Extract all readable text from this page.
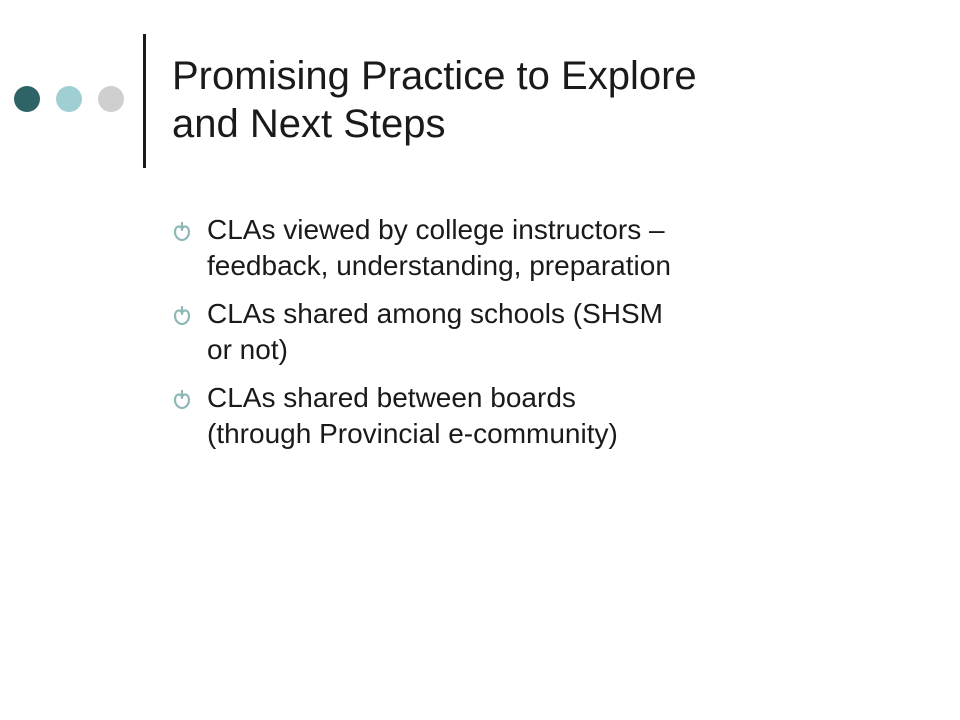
Promising Practice to Explore
and Next Steps
CLAs viewed by college instructors –
feedback, understanding, preparation
CLAs shared among schools (SHSM
or not)
CLAs shared between boards
(through Provincial e-community)
